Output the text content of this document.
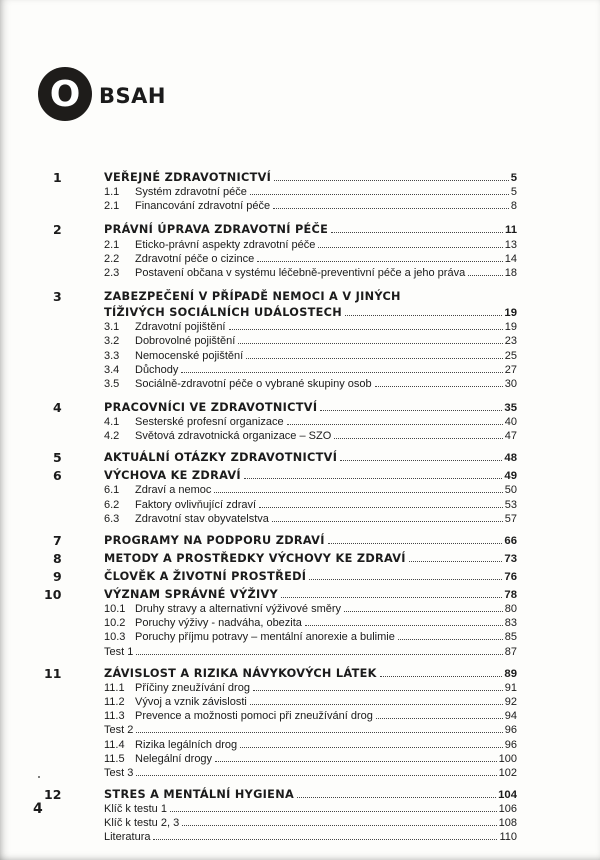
O BSAH
1	VEŘEJNÉ ZDRAVOTNICTVÍ	5
1.1	Systém zdravotní péče	5
2.1	Financování zdravotní péče	8
2	PRÁVNÍ ÚPRAVA ZDRAVOTNÍ PÉČE	11
2.1	Eticko-právní aspekty zdravotní péče	13
2.2	Zdravotní péče o cizince	14
2.3	Postavení občana v systému léčebně-preventivní péče a jeho práva	18
3	ZABEZPEČENÍ V PŘÍPADĚ NEMOCI A V JINÝCH
TÍŽIVÝCH SOCIÁLNÍCH UDÁLOSTECH	19
3.1	Zdravotní pojištění	19
3.2	Dobrovolné pojištění	23
3.3	Nemocenské pojištění	25
3.4	Důchody	27
3.5	Sociálně-zdravotní péče o vybrané skupiny osob	30
4	PRACOVNÍCI VE ZDRAVOTNICTVÍ	35
4.1	Sesterské profesní organizace	40
4.2	Světová zdravotnická organizace – SZO	47
5	AKTUÁLNÍ OTÁZKY ZDRAVOTNICTVÍ	48
6	VÝCHOVA KE ZDRAVÍ	49
6.1	Zdraví a nemoc	50
6.2	Faktory ovlivňující zdraví	53
6.3	Zdravotní stav obyvatelstva	57
7	PROGRAMY NA PODPORU ZDRAVÍ	66
8	METODY A PROSTŘEDKY VÝCHOVY KE ZDRAVÍ	73
9	ČLOVĚK A ŽIVOTNÍ PROSTŘEDÍ	76
10	VÝZNAM SPRÁVNÉ VÝŽIVY	78
10.1 Druhy stravy a alternativní výživové směry	80
10.2 Poruchy výživy - nadváha, obezita	83
10.3 Poruchy příjmu potravy – mentální anorexie a bulimie	85
Test 1	87
11	ZÁVISLOST A RIZIKA NÁVYKOVÝCH LÁTEK	89
11.1 Příčiny zneužívání drog	91
11.2 Vývoj a vznik závislosti	92
11.3 Prevence a možnosti pomoci při zneužívání drog	94
Test 2	96
11.4 Rizika legálních drog	96
11.5 Nelegální drogy	100
Test 3	102
12	STRES A MENTÁLNÍ HYGIENA	104
Klíč k testu 1	106
Klíč k testu 2, 3	108
Literatura	110
4
